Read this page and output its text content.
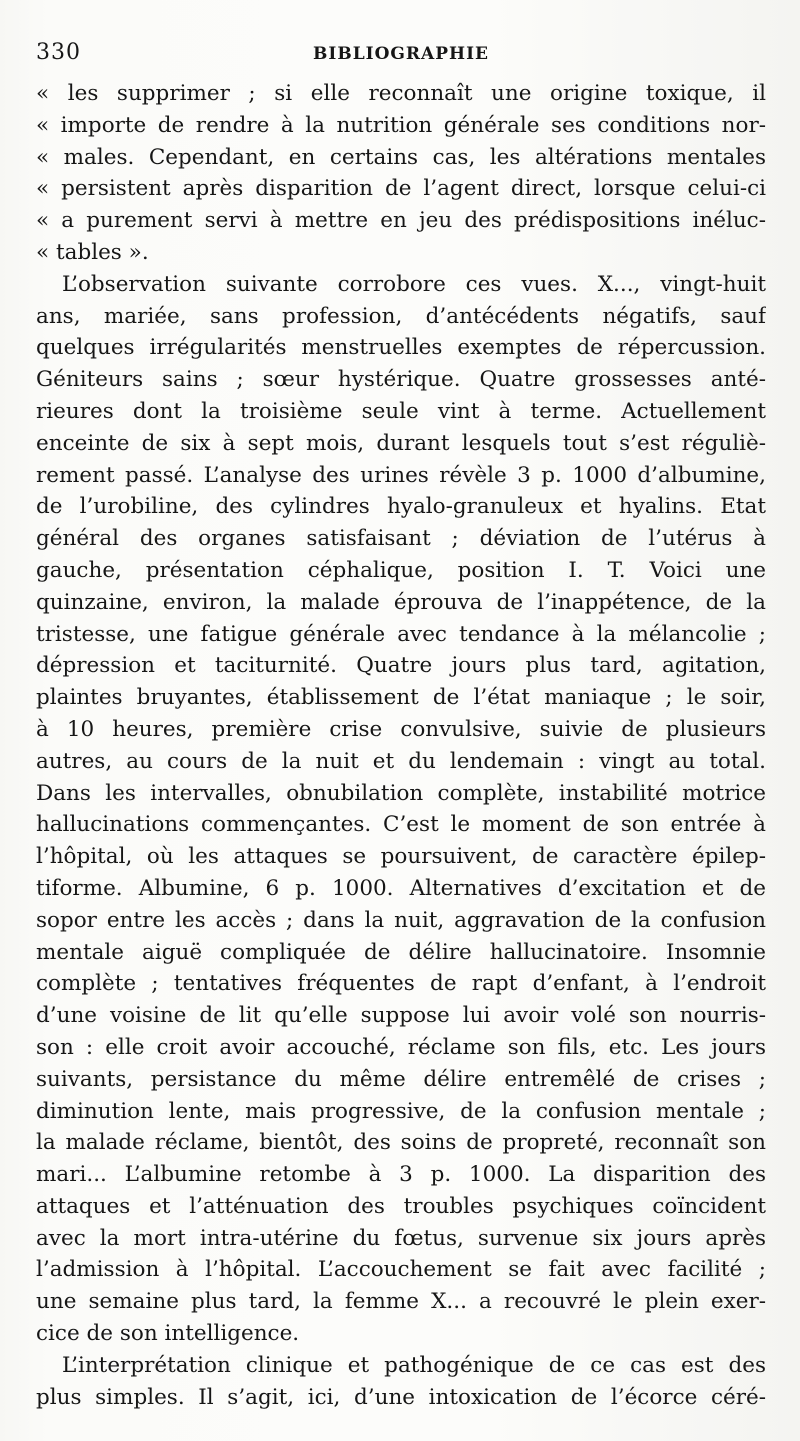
330	BIBLIOGRAPHIE
« les supprimer ; si elle reconnaît une origine toxique, il
« importe de rendre à la nutrition générale ses conditions nor-
« males. Cependant, en certains cas, les altérations mentales
« persistent après disparition de l’agent direct, lorsque celui-ci
« a purement servi à mettre en jeu des prédispositions inéluc-
« tables ».
L’observation suivante corrobore ces vues. X..., vingt-huit
ans, mariée, sans profession, d’antécédents négatifs, sauf
quelques irrégularités menstruelles exemptes de répercussion.
Géniteurs sains ; sœur hystérique. Quatre grossesses anté-
rieures dont la troisième seule vint à terme. Actuellement
enceinte de six à sept mois, durant lesquels tout s’est réguliè-
rement passé. L’analyse des urines révèle 3 p. 1000 d’albumine,
de l’urobiline, des cylindres hyalo-granuleux et hyalins. Etat
général des organes satisfaisant ; déviation de l’utérus à
gauche, présentation céphalique, position I. T. Voici une
quinzaine, environ, la malade éprouva de l’inappétence, de la
tristesse, une fatigue générale avec tendance à la mélancolie ;
dépression et taciturnité. Quatre jours plus tard, agitation,
plaintes bruyantes, établissement de l’état maniaque ; le soir,
à 10 heures, première crise convulsive, suivie de plusieurs
autres, au cours de la nuit et du lendemain : vingt au total.
Dans les intervalles, obnubilation complète, instabilité motrice
hallucinations commençantes. C’est le moment de son entrée à
l’hôpital, où les attaques se poursuivent, de caractère épilep-
tiforme. Albumine, 6 p. 1000. Alternatives d’excitation et de
sopor entre les accès ; dans la nuit, aggravation de la confusion
mentale aiguë compliquée de délire hallucinatoire. Insomnie
complète ; tentatives fréquentes de rapt d’enfant, à l’endroit
d’une voisine de lit qu’elle suppose lui avoir volé son nourris-
son : elle croit avoir accouché, réclame son fils, etc. Les jours
suivants, persistance du même délire entremêlé de crises ;
diminution lente, mais progressive, de la confusion mentale ;
la malade réclame, bientôt, des soins de propreté, reconnaît son
mari... L’albumine retombe à 3 p. 1000. La disparition des
attaques et l’atténuation des troubles psychiques coïncident
avec la mort intra-utérine du fœtus, survenue six jours après
l’admission à l’hôpital. L’accouchement se fait avec facilité ;
une semaine plus tard, la femme X... a recouvré le plein exer-
cice de son intelligence.
L’interprétation clinique et pathogénique de ce cas est des
plus simples. Il s’agit, ici, d’une intoxication de l’écorce céré-
